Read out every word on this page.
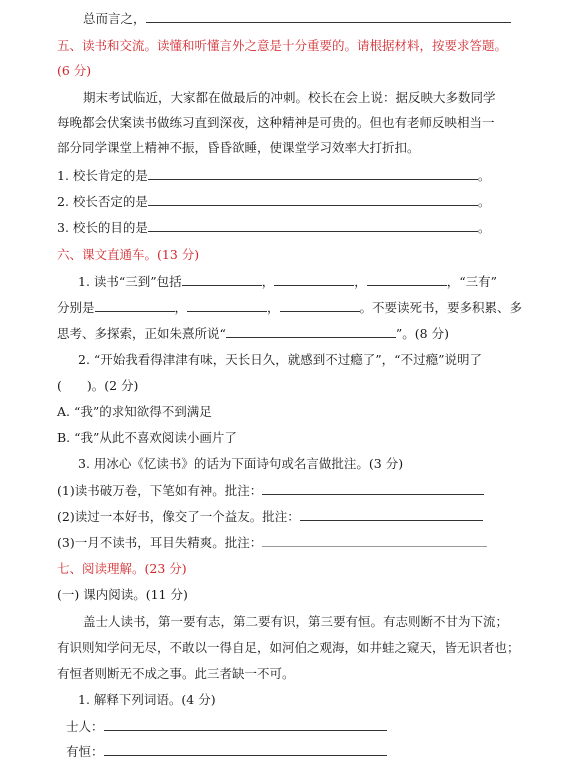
总而言之，
五、读书和交流。读懂和听懂言外之意是十分重要的。请根据材料，按要求答题。
(6 分)
期末考试临近，大家都在做最后的冲刺。校长在会上说：据反映大多数同学
每晚都会伏案读书做练习直到深夜，这种精神是可贵的。但也有老师反映相当一
部分同学课堂上精神不振，昏昏欲睡，使课堂学习效率大打折扣。
1. 校长肯定的是	。
2. 校长否定的是	。
3. 校长的目的是	。
六、课文直通车。(13 分)
1. 读书“三到”包括	，	，	，“三有”
分别是	，	，	。不要读死书，要多积累、多
思考、多探索，正如朱熹所说“	”。(8 分)
2. “开始我看得津津有味，天长日久，就感到不过瘾了”，“不过瘾”说明了
(　　)。(2 分)
A. “我”的求知欲得不到满足
B. “我”从此不喜欢阅读小画片了
3. 用冰心《忆读书》的话为下面诗句或名言做批注。(3 分)
(1)读书破万卷，下笔如有神。批注：
(2)读过一本好书，像交了一个益友。批注：
(3)一月不读书，耳目失精爽。批注：
七、阅读理解。(23 分)
(一) 课内阅读。(11 分)
盖士人读书，第一要有志，第二要有识，第三要有恒。有志则断不甘为下流；
有识则知学问无尽，不敢以一得自足，如河伯之观海，如井蛙之窥天，皆无识者也；
有恒者则断无不成之事。此三者缺一不可。
1. 解释下列词语。(4 分)
士人：
有恒：
